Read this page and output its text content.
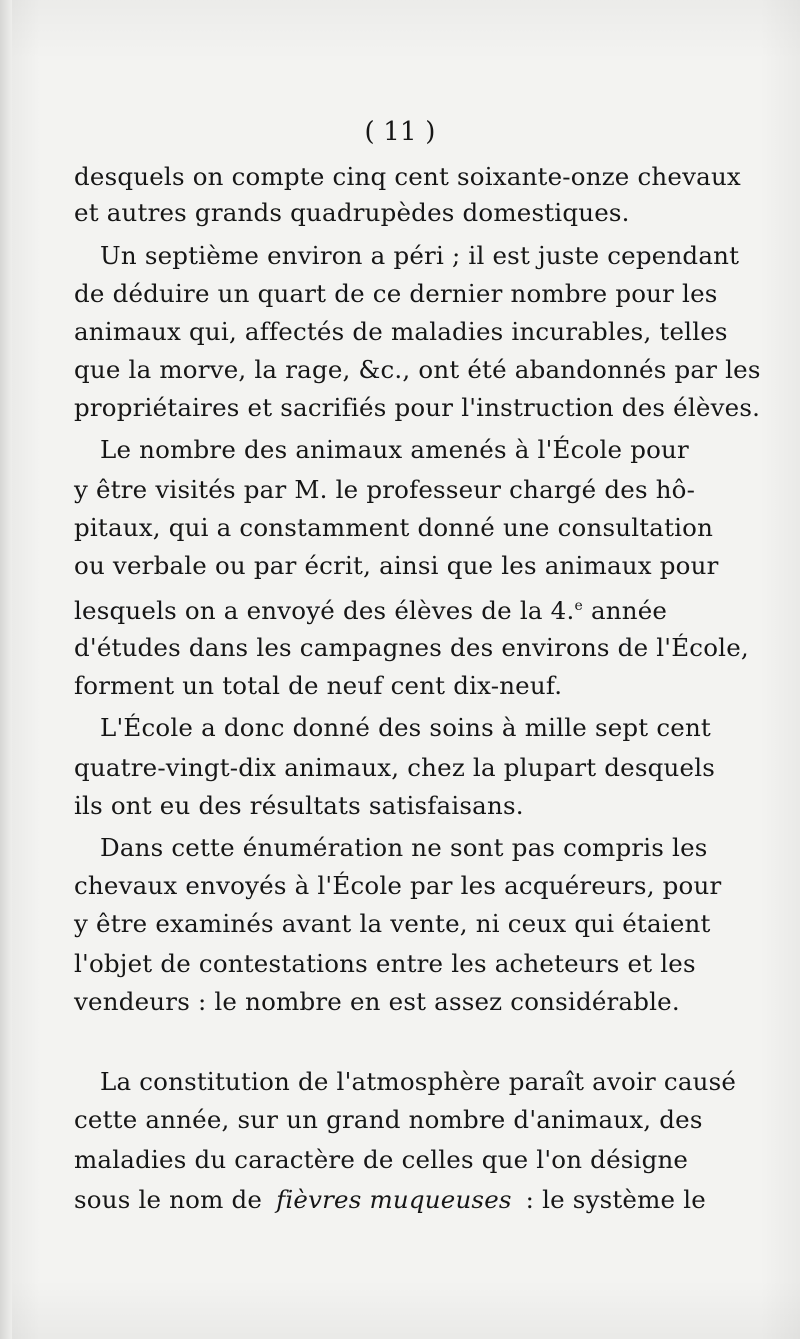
( 11 )
desquels on compte cinq cent soixante-onze chevaux
et autres grands quadrupèdes domestiques.
Un septième environ a péri ; il est juste cependant
de déduire un quart de ce dernier nombre pour les
animaux qui, affectés de maladies incurables, telles
que la morve, la rage, &c., ont été abandonnés par les
propriétaires et sacrifiés pour l'instruction des élèves.
Le nombre des animaux amenés à l'École pour
y être visités par M. le professeur chargé des hô-
pitaux, qui a constamment donné une consultation
ou verbale ou par écrit, ainsi que les animaux pour
lesquels on a envoyé des élèves de la 4.$^e$ année
d'études dans les campagnes des environs de l'École,
forment un total de neuf cent dix-neuf.
L'École a donc donné des soins à mille sept cent
quatre-vingt-dix animaux, chez la plupart desquels
ils ont eu des résultats satisfaisans.
Dans cette énumération ne sont pas compris les
chevaux envoyés à l'École par les acquéreurs, pour
y être examinés avant la vente, ni ceux qui étaient
l'objet de contestations entre les acheteurs et les
vendeurs : le nombre en est assez considérable.
La constitution de l'atmosphère paraît avoir causé
cette année, sur un grand nombre d'animaux, des
maladies du caractère de celles que l'on désigne
sous le nom de fièvres muqueuses : le système le
